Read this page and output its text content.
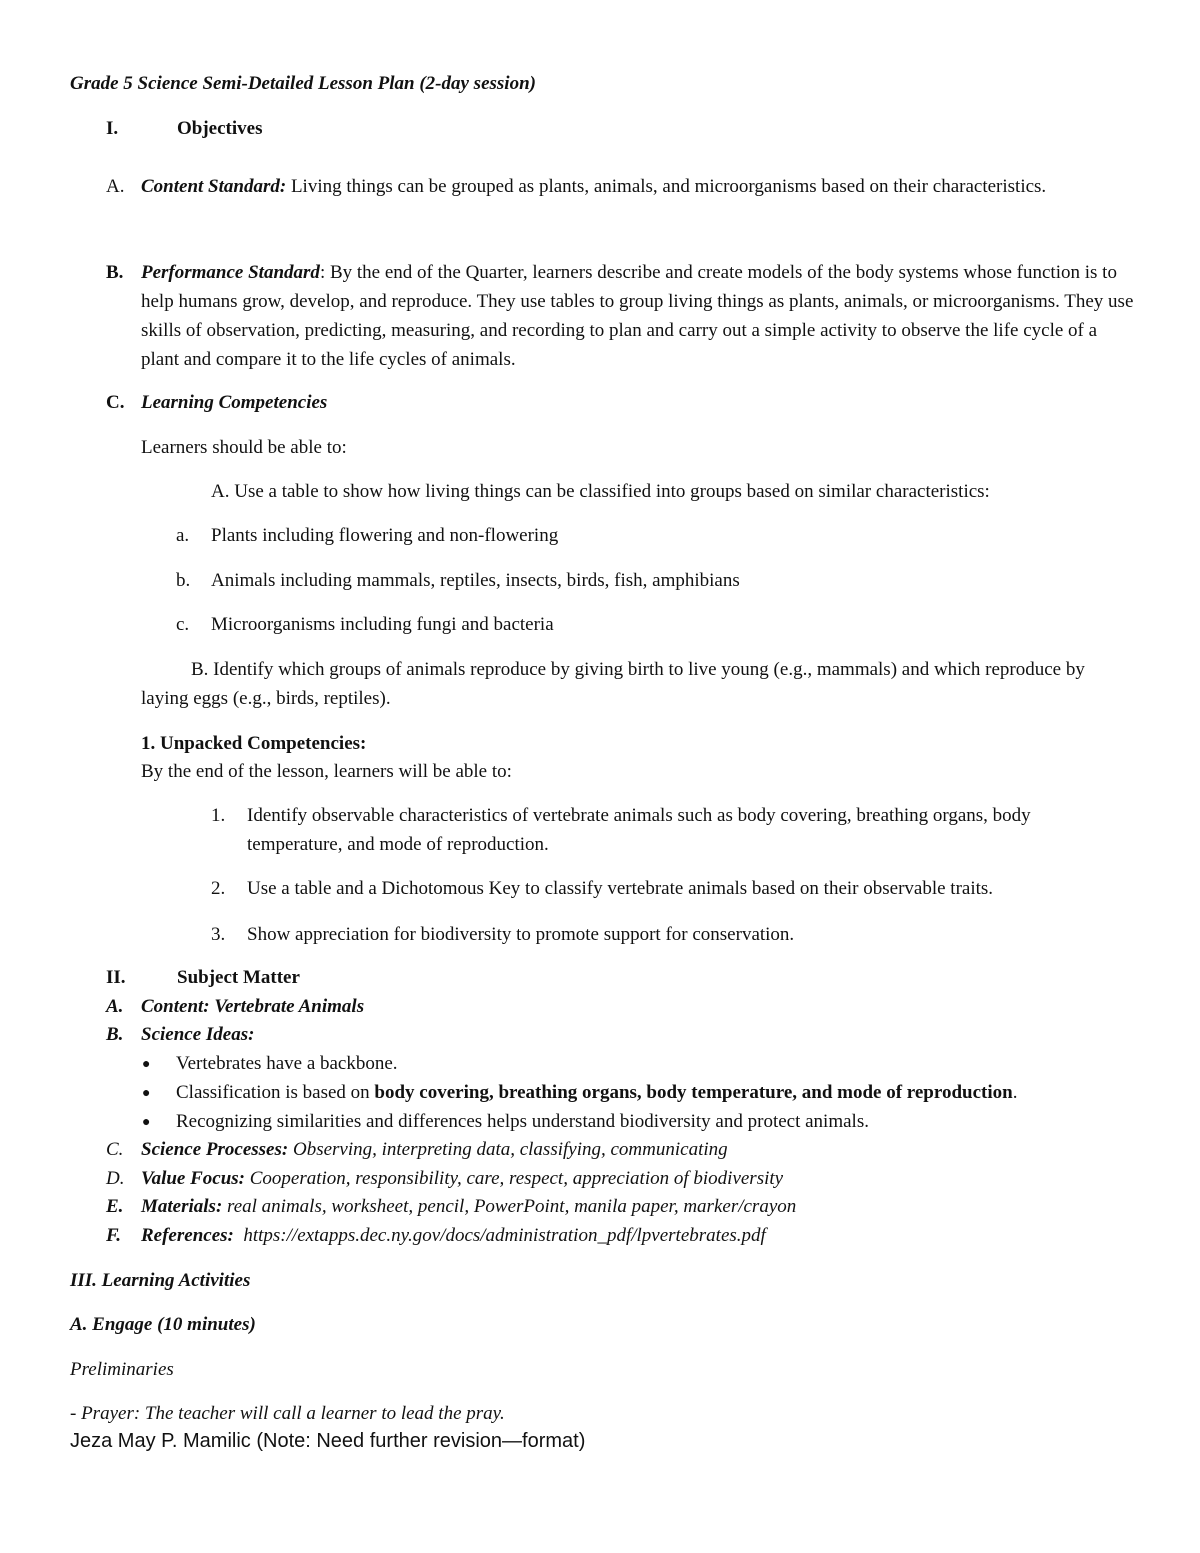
Grade 5 Science Semi-Detailed Lesson Plan (2-day session)
I.	Objectives
A. Content Standard: Living things can be grouped as plants, animals, and microorganisms based on their characteristics.
B. Performance Standard: By the end of the Quarter, learners describe and create models of the body systems whose function is to help humans grow, develop, and reproduce. They use tables to group living things as plants, animals, or microorganisms. They use skills of observation, predicting, measuring, and recording to plan and carry out a simple activity to observe the life cycle of a plant and compare it to the life cycles of animals.
C. Learning Competencies
Learners should be able to:
A. Use a table to show how living things can be classified into groups based on similar characteristics:
a. Plants including flowering and non-flowering
b. Animals including mammals, reptiles, insects, birds, fish, amphibians
c. Microorganisms including fungi and bacteria
B. Identify which groups of animals reproduce by giving birth to live young (e.g., mammals) and which reproduce by laying eggs (e.g., birds, reptiles).
1. Unpacked Competencies:
By the end of the lesson, learners will be able to:
1. Identify observable characteristics of vertebrate animals such as body covering, breathing organs, body temperature, and mode of reproduction.
2. Use a table and a Dichotomous Key to classify vertebrate animals based on their observable traits.
3. Show appreciation for biodiversity to promote support for conservation.
II.	Subject Matter
A. Content: Vertebrate Animals
B. Science Ideas:
● Vertebrates have a backbone.
● Classification is based on body covering, breathing organs, body temperature, and mode of reproduction.
● Recognizing similarities and differences helps understand biodiversity and protect animals.
C. Science Processes: Observing, interpreting data, classifying, communicating
D. Value Focus: Cooperation, responsibility, care, respect, appreciation of biodiversity
E. Materials: real animals, worksheet, pencil, PowerPoint, manila paper, marker/crayon
F. References: https://extapps.dec.ny.gov/docs/administration_pdf/lpvertebrates.pdf
III. Learning Activities
A. Engage (10 minutes)
Preliminaries
- Prayer: The teacher will call a learner to lead the pray.
Jeza May P. Mamilic (Note: Need further revision—format)
